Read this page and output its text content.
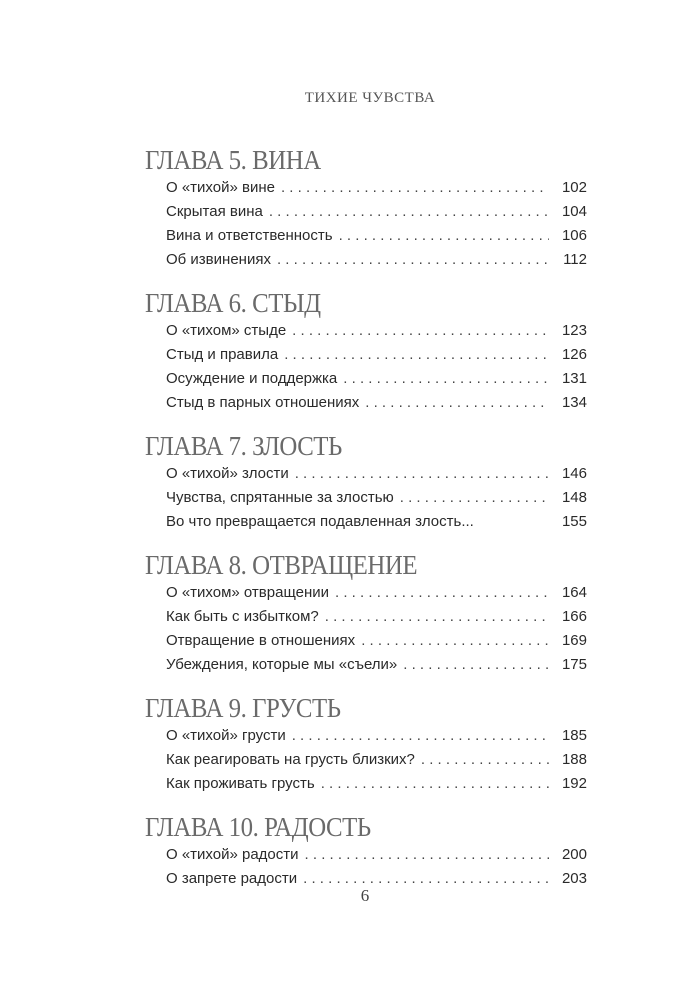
ТИХИЕ ЧУВСТВА
ГЛАВА 5. ВИНА
О «тихой» вине . . .	102
Скрытая вина . . .	104
Вина и ответственность . . .	106
Об извинениях . . .	112
ГЛАВА 6. СТЫД
О «тихом» стыде . . .	123
Стыд и правила . . .	126
Осуждение и поддержка . . .	131
Стыд в парных отношениях . . .	134
ГЛАВА 7. ЗЛОСТЬ
О «тихой» злости . . .	146
Чувства, спрятанные за злостью . . .	148
Во что превращается подавленная злость...	155
ГЛАВА 8. ОТВРАЩЕНИЕ
О «тихом» отвращении . . .	164
Как быть с избытком? . . .	166
Отвращение в отношениях . . .	169
Убеждения, которые мы «съели» . . .	175
ГЛАВА 9. ГРУСТЬ
О «тихой» грусти . . .	185
Как реагировать на грусть близких? . . .	188
Как проживать грусть . . .	192
ГЛАВА 10. РАДОСТЬ
О «тихой» радости . . .	200
О запрете радости . . .	203
6
